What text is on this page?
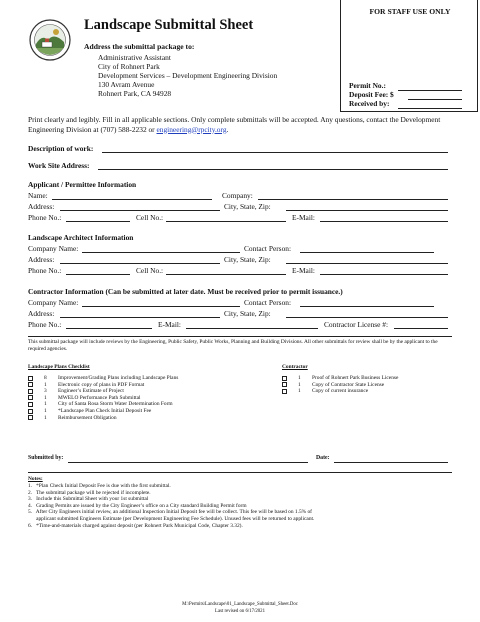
Landscape Submittal Sheet
FOR STAFF USE ONLY
Permit No.:
Deposit Fee: $
Received by:
Address the submittal package to:
Administrative Assistant
City of Rohnert Park
Development Services – Development Engineering Division
130 Avram Avenue
Rohnert Park, CA 94928
Print clearly and legibly. Fill in all applicable sections. Only complete submittals will be accepted. Any questions, contact the Development Engineering Division at (707) 588-2232 or engineering@rpcity.org.
Description of work:
Work Site Address:
Applicant / Permittee Information
Name:	Company:
Address:	City, State, Zip:
Phone No.:	Cell No.:	E-Mail:
Landscape Architect Information
Company Name:	Contact Person:
Address:	City, State, Zip:
Phone No.:	Cell No.:	E-Mail:
Contractor Information (Can be submitted at later date. Must be received prior to permit issuance.)
Company Name:	Contact Person:
Address:	City, State, Zip:
Phone No.:	E-Mail:	Contractor License #:
This submittal package will include reviews by the Engineering, Public Safety, Public Works, Planning and Building Divisions. All other submittals for review shall be by the applicant to the required agencies.
Landscape Plans Checklist	Contractor
8 Improvement/Grading Plans including Landscape Plans
1 Electronic copy of plans in PDF Format
3 Engineer’s Estimate of Project
1 MWELO Performance Path Submittal
1 City of Santa Rosa Storm Water Determination Form
1 *Landscape Plan Check Initial Deposit Fee
1 Reimbursement Obligation
1 Proof of Rohnert Park Business License
1 Copy of Contractor State License
1 Copy of current insurance
Submitted by:	Date:
Notes:
1.   *Plan Check Initial Deposit Fee is due with the first submittal.
2.   The submittal package will be rejected if incomplete.
3.   Include this Submittal Sheet with your 1st submittal
4.   Grading Permits are issued by the City Engineer’s office on a City standard Building Permit form
5.   After City Engineers initial review, an additional Inspection Initial Deposit fee will be collect. This fee will be based on 1.5% of
applicant submitted Engineers Estimate (per Development Engineering Fee Schedule). Unused fees will be returned to applicant.
6.   *Time-and-materials charged against deposit (per Rohnert Park Municipal Code, Chapter 3.32).
M:\Permits\Landscape\01_Landscape_Submittal_Sheet.Doc
Last revised on 6/17/2021
